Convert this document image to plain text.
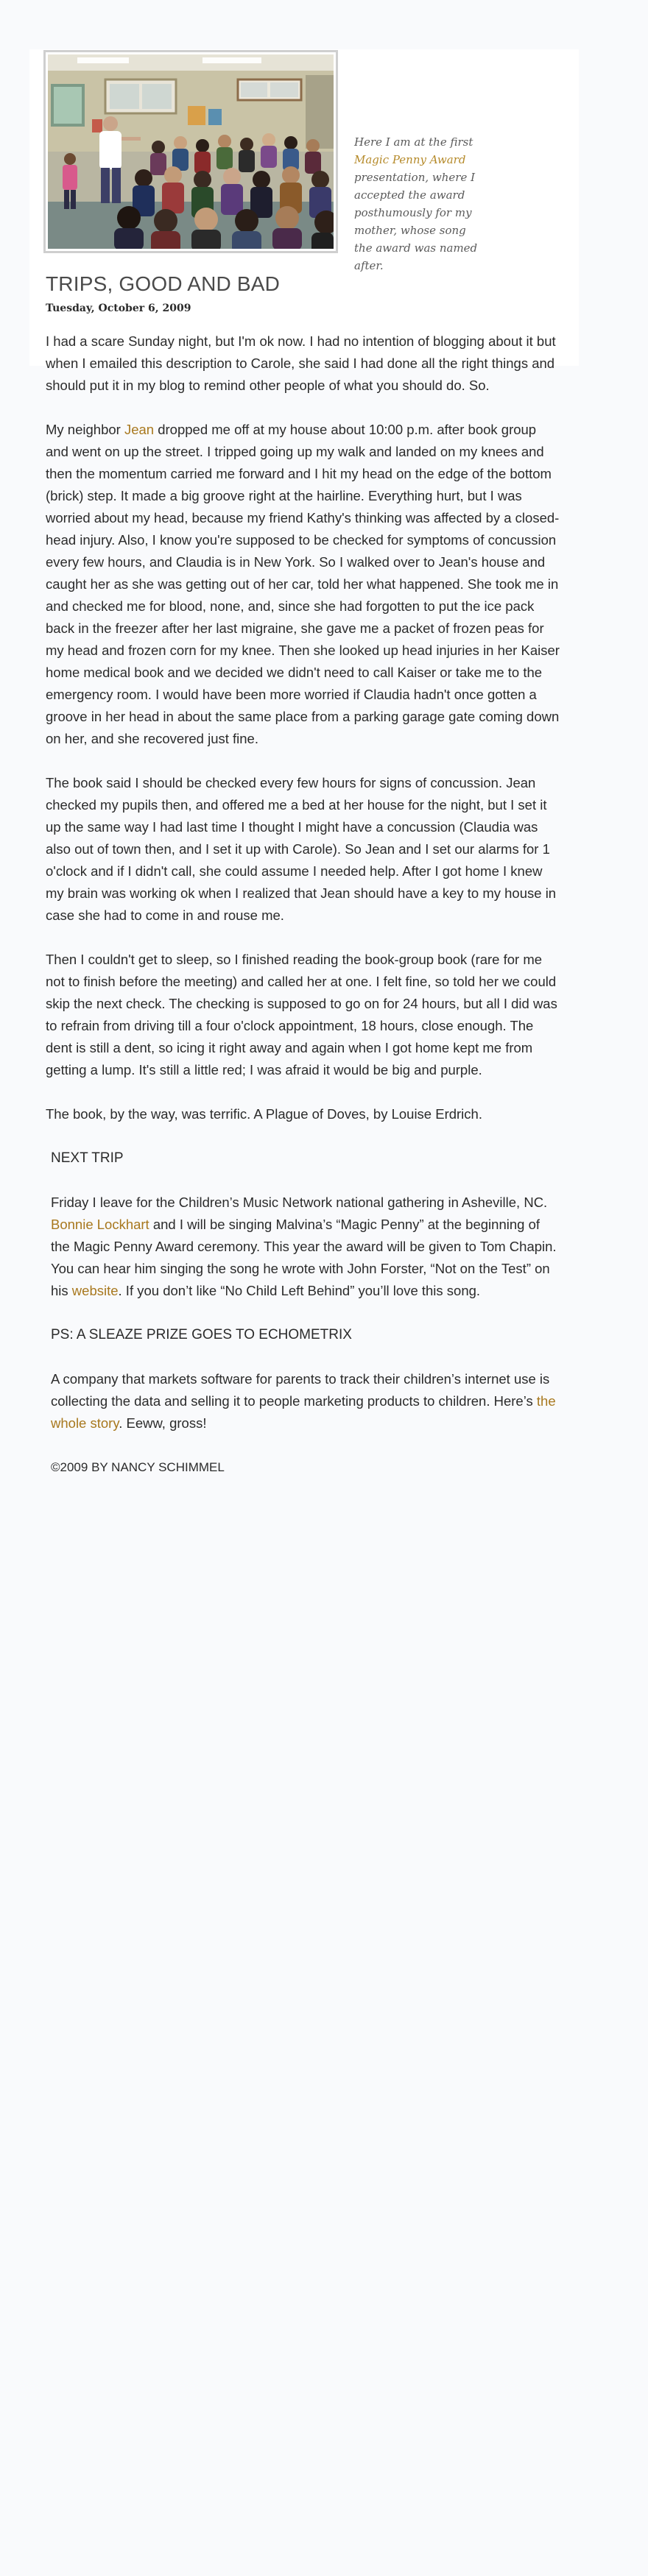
Here I am at the first Magic Penny Award presentation, where I accepted the award posthumously for my mother, whose song the award was named after.
TRIPS, GOOD AND BAD
Tuesday, October 6, 2009

I had a scare Sunday night, but I'm ok now. I had no intention of blogging about it but when I emailed this description to Carole, she said I had done all the right things and should put it in my blog to remind other people of what you should do. So.

My neighbor Jean dropped me off at my house about 10:00 p.m. after book group and went on up the street. I tripped going up my walk and landed on my knees and then the momentum carried me forward and I hit my head on the edge of the bottom (brick) step. It made a big groove right at the hairline. Everything hurt, but I was worried about my head, because my friend Kathy's thinking was affected by a closed-head injury. Also, I know you're supposed to be checked for symptoms of concussion every few hours, and Claudia is in New York. So I walked over to Jean's house and caught her as she was getting out of her car, told her what happened. She took me in and checked me for blood, none, and, since she had forgotten to put the ice pack back in the freezer after her last migraine, she gave me a packet of frozen peas for my head and frozen corn for my knee. Then she looked up head injuries in her Kaiser home medical book and we decided we didn't need to call Kaiser or take me to the emergency room. I would have been more worried if Claudia hadn't once gotten a groove in her head in about the same place from a parking garage gate coming down on her, and she recovered just fine.

The book said I should be checked every few hours for signs of concussion. Jean checked my pupils then, and offered me a bed at her house for the night, but I set it up the same way I had last time I thought I might have a concussion (Claudia was also out of town then, and I set it up with Carole). So Jean and I set our alarms for 1 o'clock and if I didn't call, she could assume I needed help. After I got home I knew my brain was working ok when I realized that Jean should have a key to my house in case she had to come in and rouse me.

Then I couldn't get to sleep, so I finished reading the book-group book (rare for me not to finish before the meeting) and called her at one. I felt fine, so told her we could skip the next check. The checking is supposed to go on for 24 hours, but all I did was to refrain from driving till a four o'clock appointment, 18 hours, close enough. The dent is still a dent, so icing it right away and again when I got home kept me from getting a lump. It's still a little red; I was afraid it would be big and purple.

The book, by the way, was terrific. A Plague of Doves, by Louise Erdrich.

NEXT TRIP

Friday I leave for the Children’s Music Network national gathering in Asheville, NC. Bonnie Lockhart and I will be singing Malvina’s “Magic Penny” at the beginning of the Magic Penny Award ceremony. This year the award will be given to Tom Chapin. You can hear him singing the song he wrote with John Forster, “Not on the Test” on his website. If you don’t like “No Child Left Behind” you’ll love this song.

PS: A SLEAZE PRIZE GOES TO ECHOMETRIX

A company that markets software for parents to track their children’s internet use is collecting the data and selling it to people marketing products to children. Here’s the whole story. Eeww, gross!

©2009 BY NANCY SCHIMMEL
